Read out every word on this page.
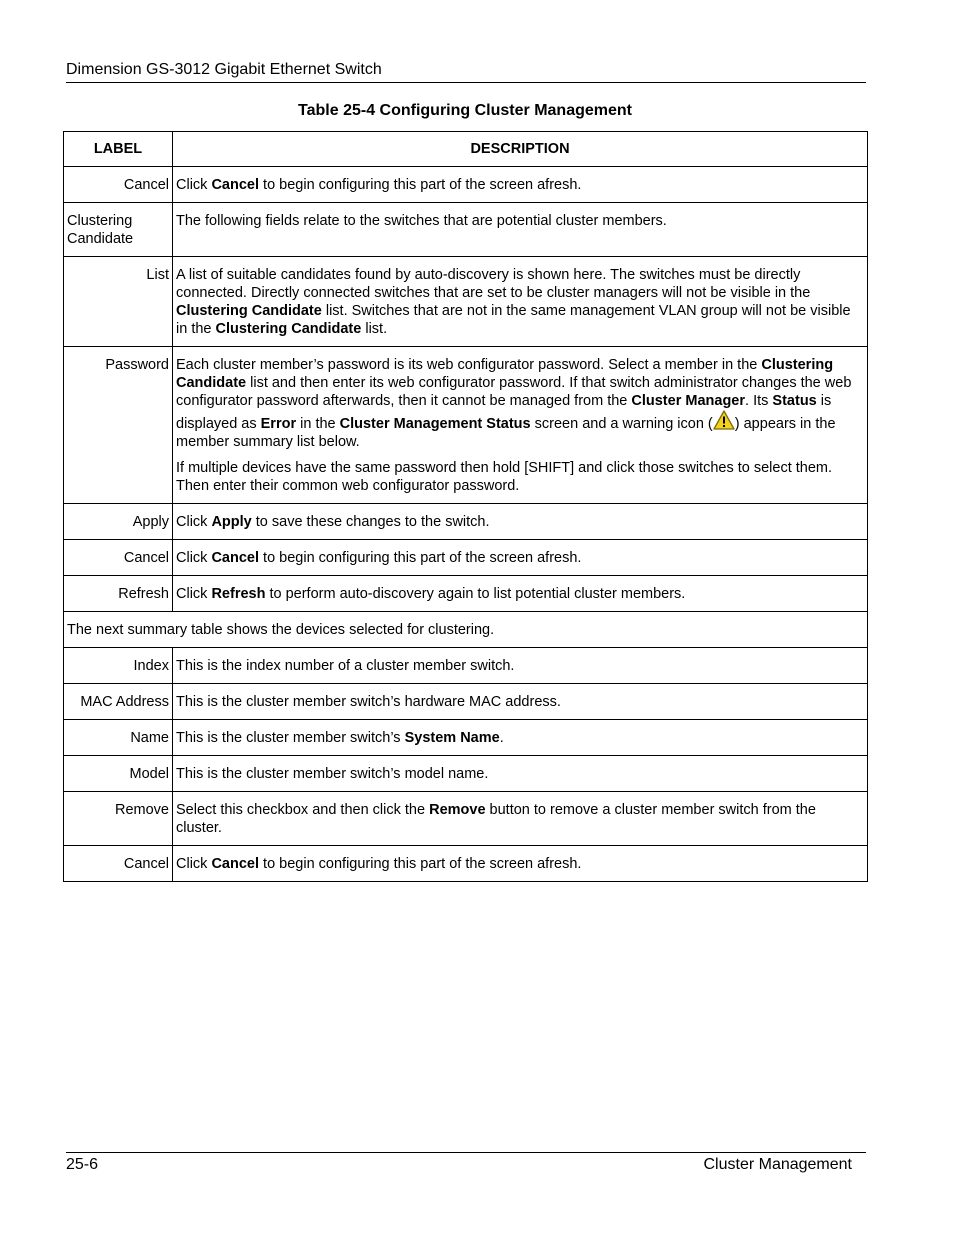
Dimension GS-3012 Gigabit Ethernet Switch
Table 25-4 Configuring Cluster Management
LABEL	DESCRIPTION
Cancel	Click Cancel to begin configuring this part of the screen afresh.
Clustering Candidate	The following fields relate to the switches that are potential cluster members.
List	A list of suitable candidates found by auto-discovery is shown here. The switches must be directly connected. Directly connected switches that are set to be cluster managers will not be visible in the Clustering Candidate list. Switches that are not in the same management VLAN group will not be visible in the Clustering Candidate list.
Password	Each cluster member’s password is its web configurator password. Select a member in the Clustering Candidate list and then enter its web configurator password. If that switch administrator changes the web configurator password afterwards, then it cannot be managed from the Cluster Manager. Its Status is displayed as Error in the Cluster Management Status screen and a warning icon ( ) appears in the member summary list below.

If multiple devices have the same password then hold [SHIFT] and click those switches to select them. Then enter their common web configurator password.

Apply	Click Apply to save these changes to the switch.
Cancel	Click Cancel to begin configuring this part of the screen afresh.
Refresh	Click Refresh to perform auto-discovery again to list potential cluster members.
The next summary table shows the devices selected for clustering.	
Index	This is the index number of a cluster member switch.
MAC Address	This is the cluster member switch’s hardware MAC address.
Name	This is the cluster member switch’s System Name.
Model	This is the cluster member switch’s model name.
Remove	Select this checkbox and then click the Remove button to remove a cluster member switch from the cluster.
Cancel	Click Cancel to begin configuring this part of the screen afresh.
25-6	Cluster Management
